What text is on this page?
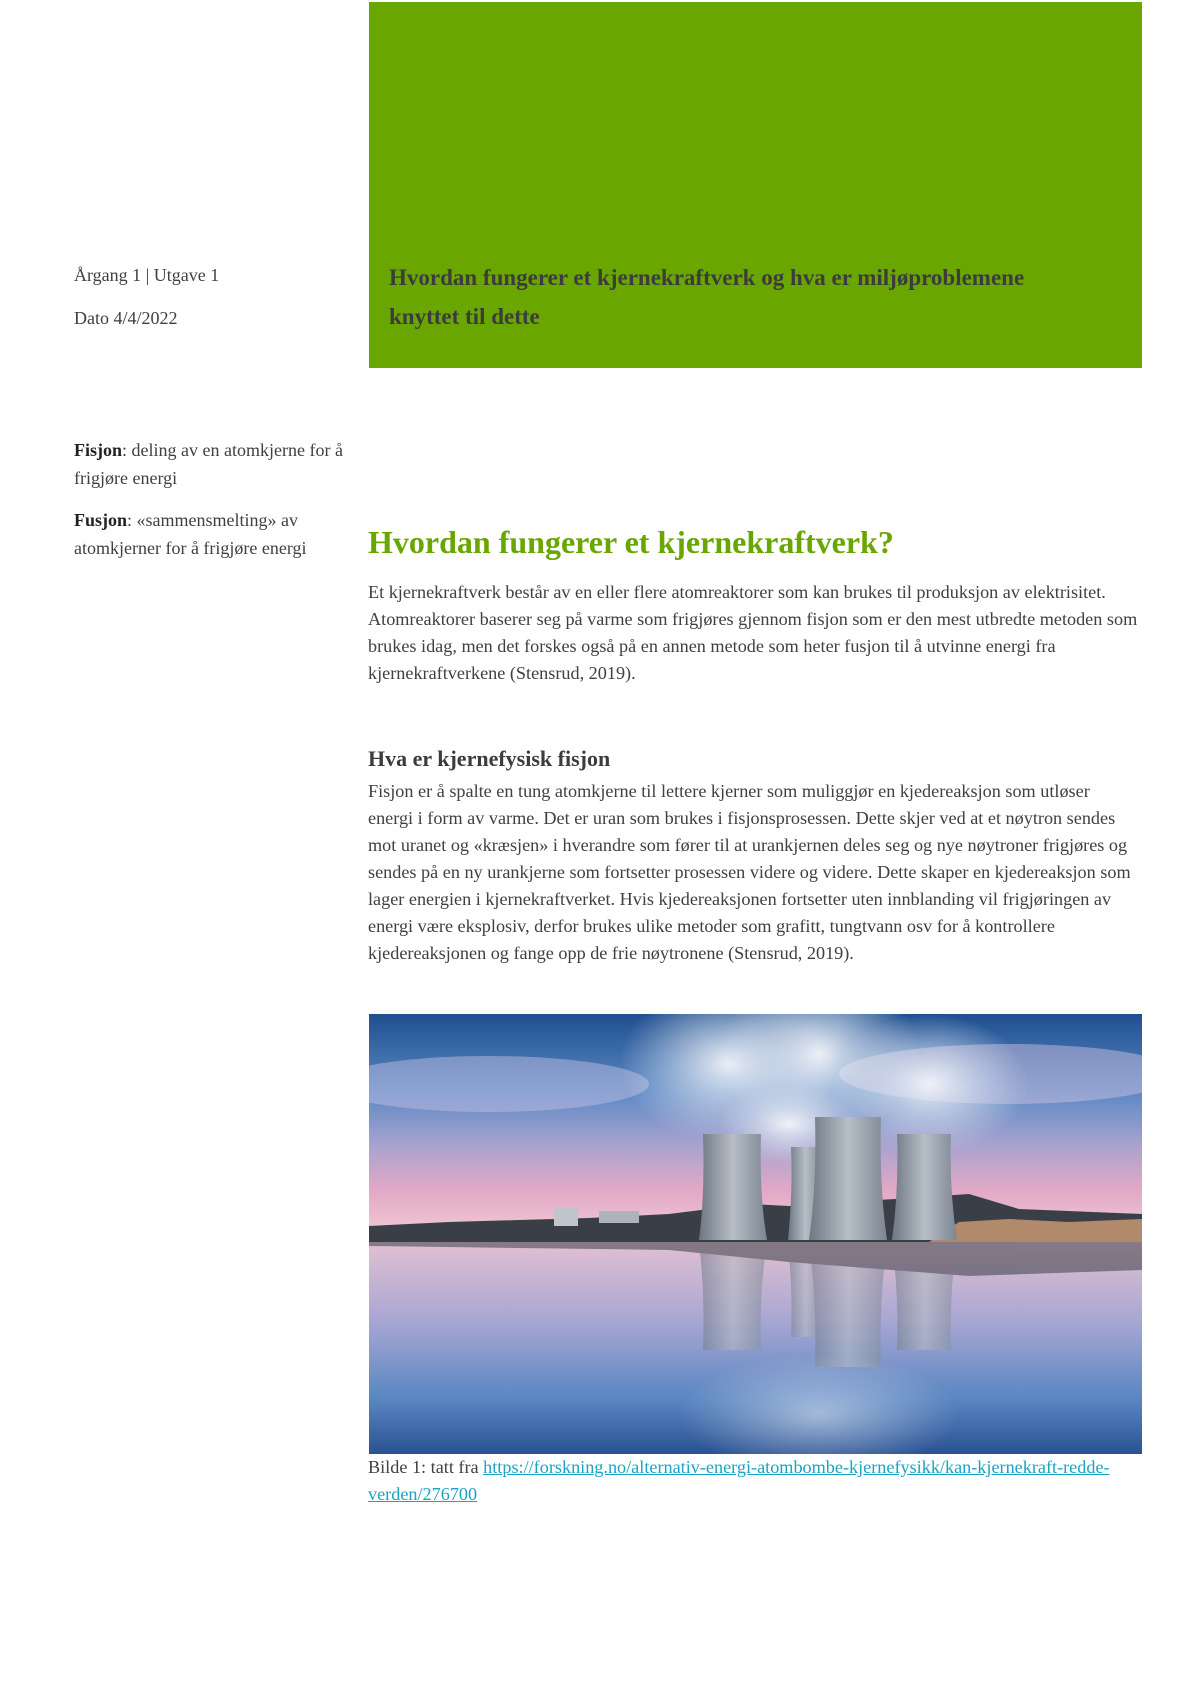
Hvordan fungerer et kjernekraftverk og hva er miljøproblemene knyttet til dette
Årgang 1 | Utgave 1
Dato 4/4/2022
Fisjon: deling av en atomkjerne for å frigjøre energi
Fusjon: «sammensmelting» av atomkjerner for å frigjøre energi	Hvordan fungerer et kjernekraftverk?
Et kjernekraftverk består av en eller flere atomreaktorer som kan brukes til produksjon av elektrisitet. Atomreaktorer baserer seg på varme som frigjøres gjennom fisjon som er den mest utbredte metoden som brukes idag, men det forskes også på en annen metode som heter fusjon til å utvinne energi fra kjernekraftverkene (Stensrud, 2019).
Hva er kjernefysisk fisjon
Fisjon er å spalte en tung atomkjerne til lettere kjerner som muliggjør en kjedereaksjon som utløser energi i form av varme. Det er uran som brukes i fisjonsprosessen. Dette skjer ved at et nøytron sendes mot uranet og «kræsjen» i hverandre som fører til at urankjernen deles seg og nye nøytroner frigjøres og sendes på en ny urankjerne som fortsetter prosessen videre og videre. Dette skaper en kjedereaksjon som lager energien i kjernekraftverket. Hvis kjedereaksjonen fortsetter uten innblanding vil frigjøringen av energi være eksplosiv, derfor brukes ulike metoder som grafitt, tungtvann osv for å kontrollere kjedereaksjonen og fange opp de frie nøytronene (Stensrud, 2019).
Bilde 1: tatt fra https://forskning.no/alternativ-energi-atombombe-kjernefysikk/kan-kjernekraft-redde-verden/276700
